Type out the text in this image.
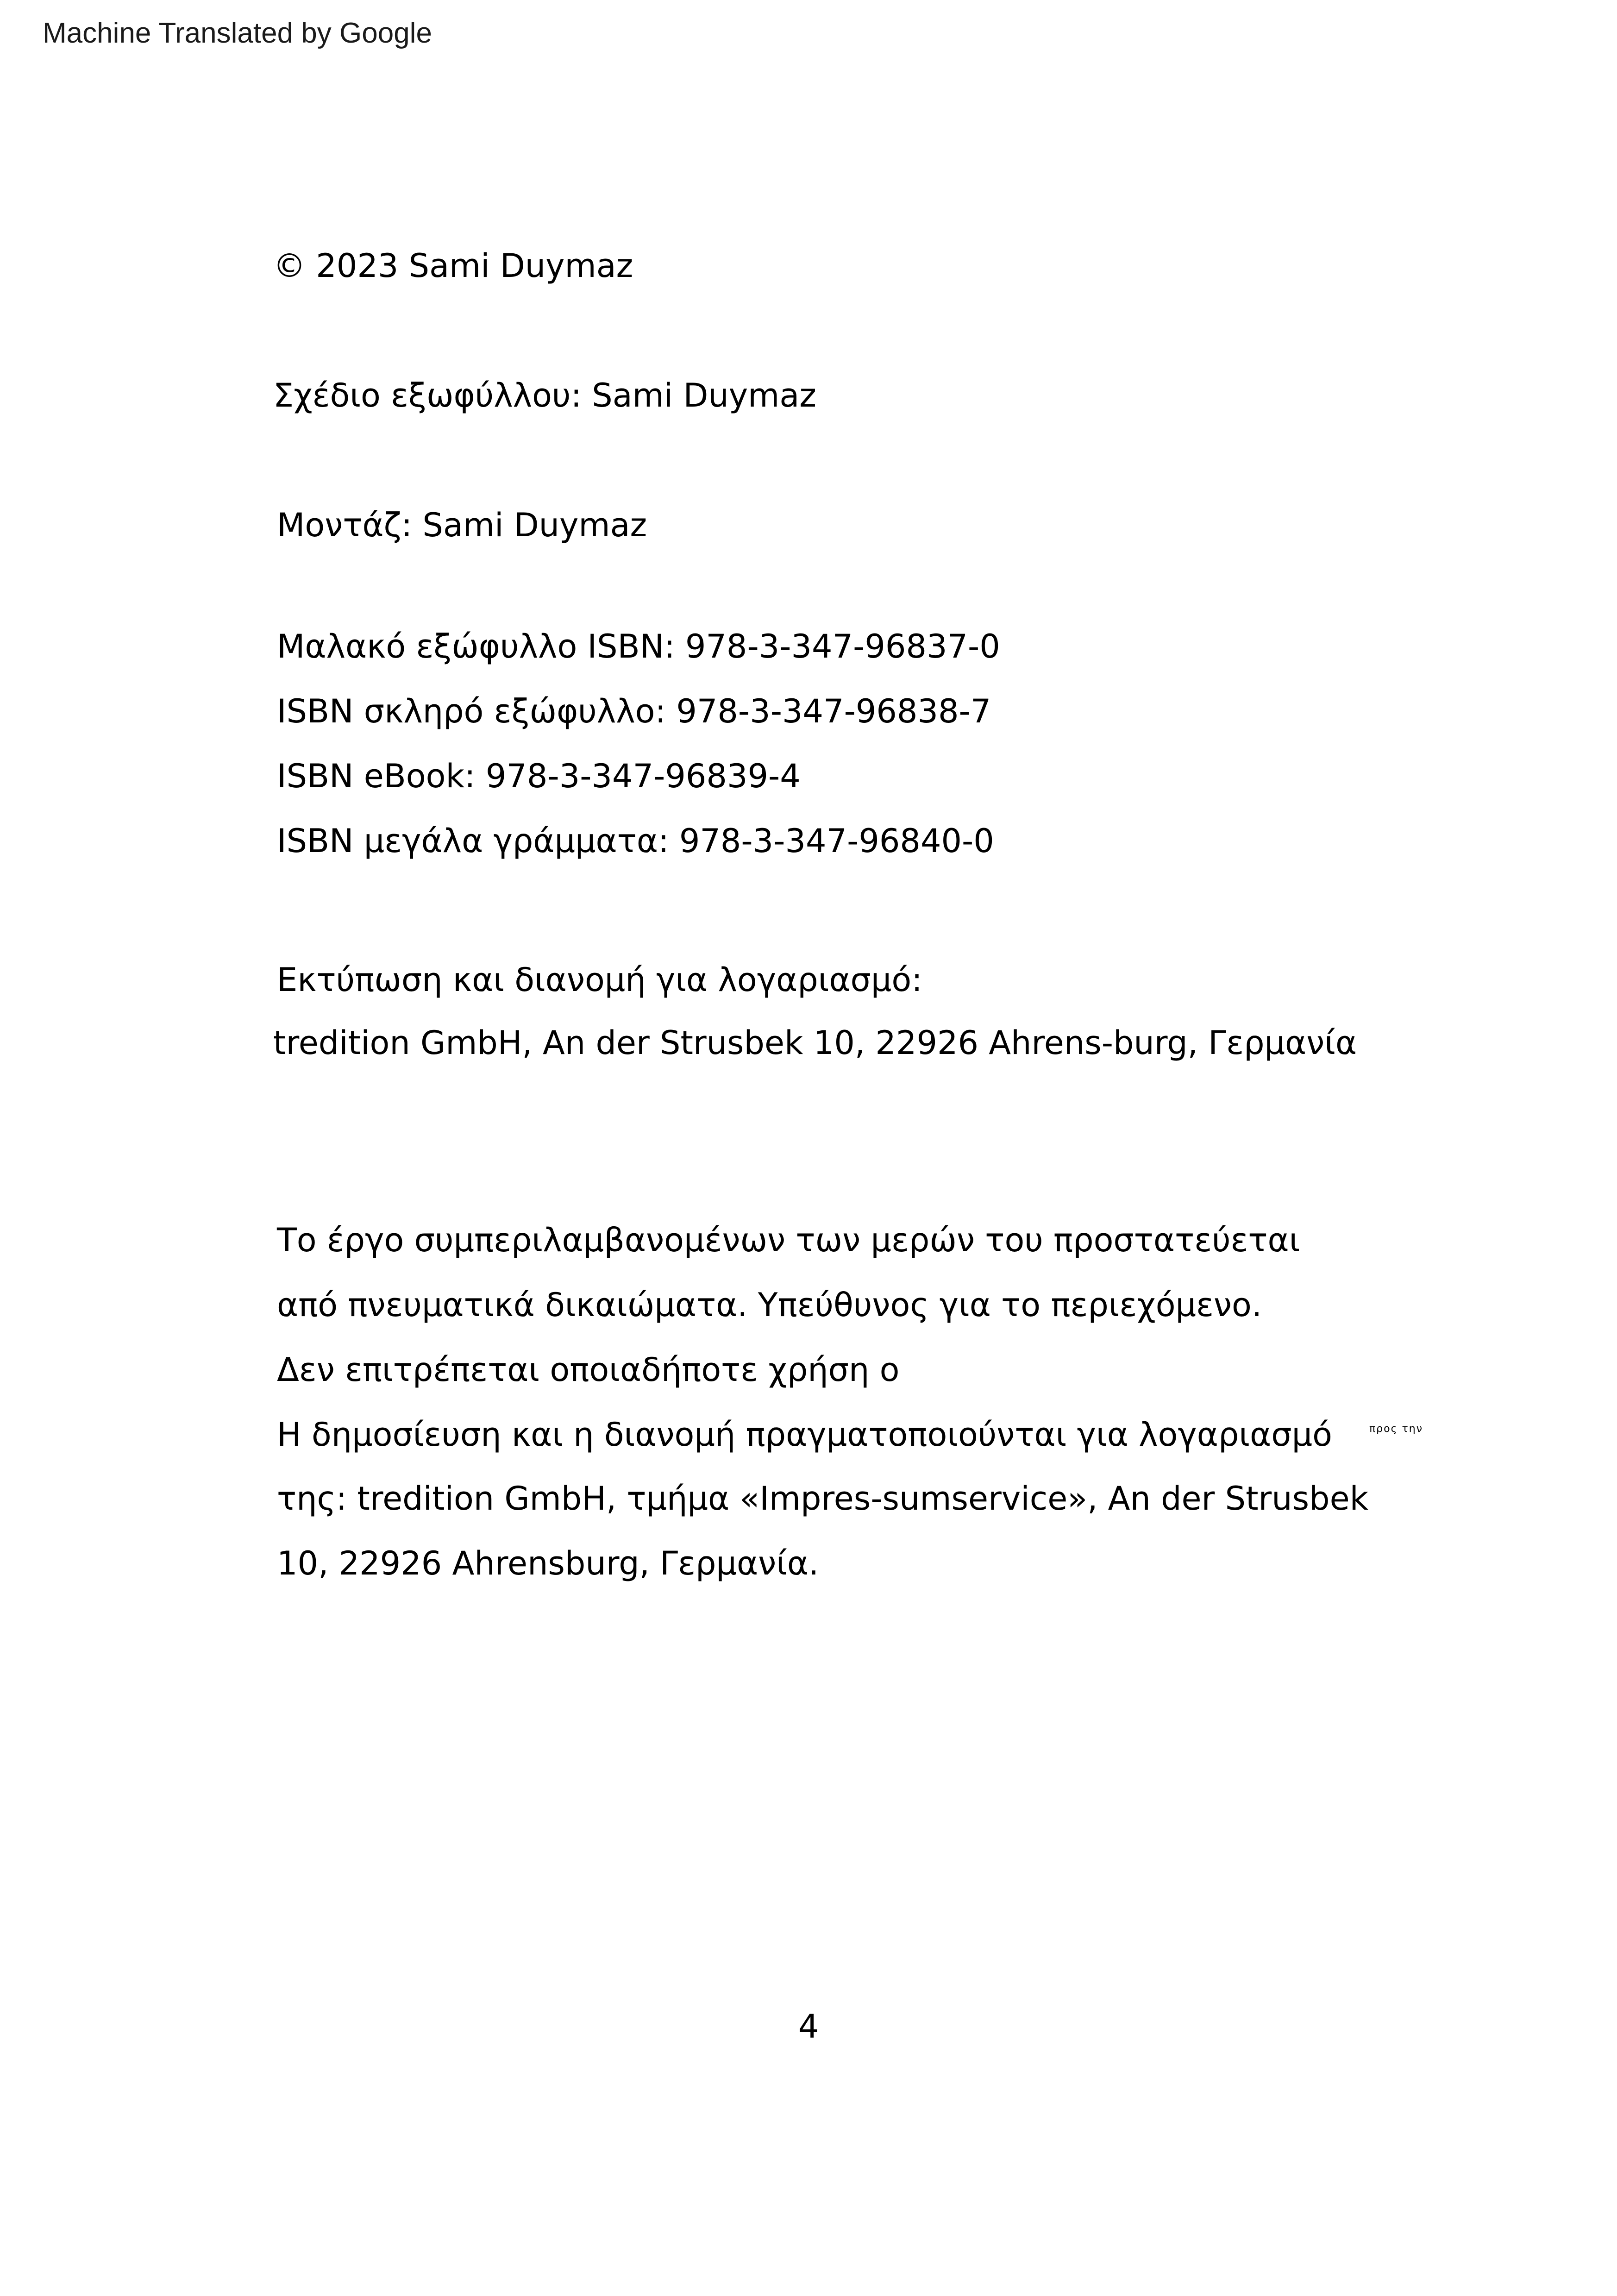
Machine Translated by Google
© 2023 Sami Duymaz
Σχέδιο εξωφύλλου: Sami Duymaz
Μοντάζ: Sami Duymaz
Μαλακό εξώφυλλο ISBN: 978-3-347-96837-0
ISBN σκληρό εξώφυλλο: 978-3-347-96838-7
ISBN eBook: 978-3-347-96839-4
ISBN μεγάλα γράμματα: 978-3-347-96840-0
Εκτύπωση και διανομή για λογαριασμό:
tredition GmbH, An der Strusbek 10, 22926 Ahrens-burg, Γερμανία
Το έργο συμπεριλαμβανομένων των μερών του προστατεύεται
από πνευματικά δικαιώματα. Υπεύθυνος για το περιεχόμενο.
Δεν επιτρέπεται οποιαδήποτε χρήση ο
Η δημοσίευση και η διανομή πραγματοποιούνται για λογαριασμό	$^{\pi\rho o\varsigma \tau\eta\nu}$
της: tredition GmbH, τμήμα «Impres-sumservice», An der Strusbek
10, 22926 Ahrensburg, Γερμανία.
4
